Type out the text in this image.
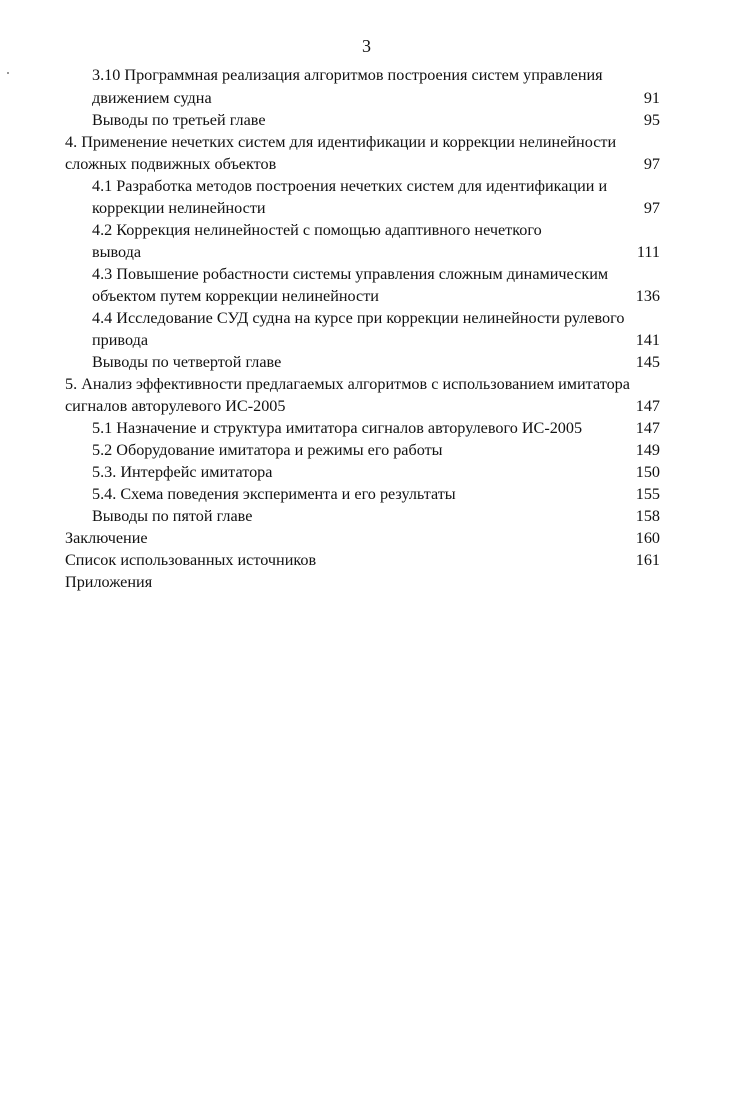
3
3.10 Программная реализация алгоритмов построения систем управления
движением судна	91
Выводы по третьей главе	95
4. Применение нечетких систем для идентификации и коррекции нелинейности
сложных подвижных объектов	97
4.1 Разработка методов построения нечетких систем для идентификации и
коррекции нелинейности	97
4.2 Коррекция нелинейностей с помощью адаптивного нечеткого
вывода	111
4.3 Повышение робастности системы управления сложным динамическим
объектом путем коррекции нелинейности	136
4.4 Исследование СУД судна на курсе при коррекции нелинейности рулевого
привода	141
Выводы по четвертой главе	145
5. Анализ эффективности предлагаемых алгоритмов с использованием имитатора
сигналов авторулевого ИС-2005	147
5.1 Назначение и структура имитатора сигналов авторулевого ИС-2005	147
5.2 Оборудование имитатора и режимы его работы	149
5.3. Интерфейс имитатора	150
5.4. Схема поведения эксперимента и его результаты	155
Выводы по пятой главе	158
Заключение	160
Список использованных источников	161
Приложения
